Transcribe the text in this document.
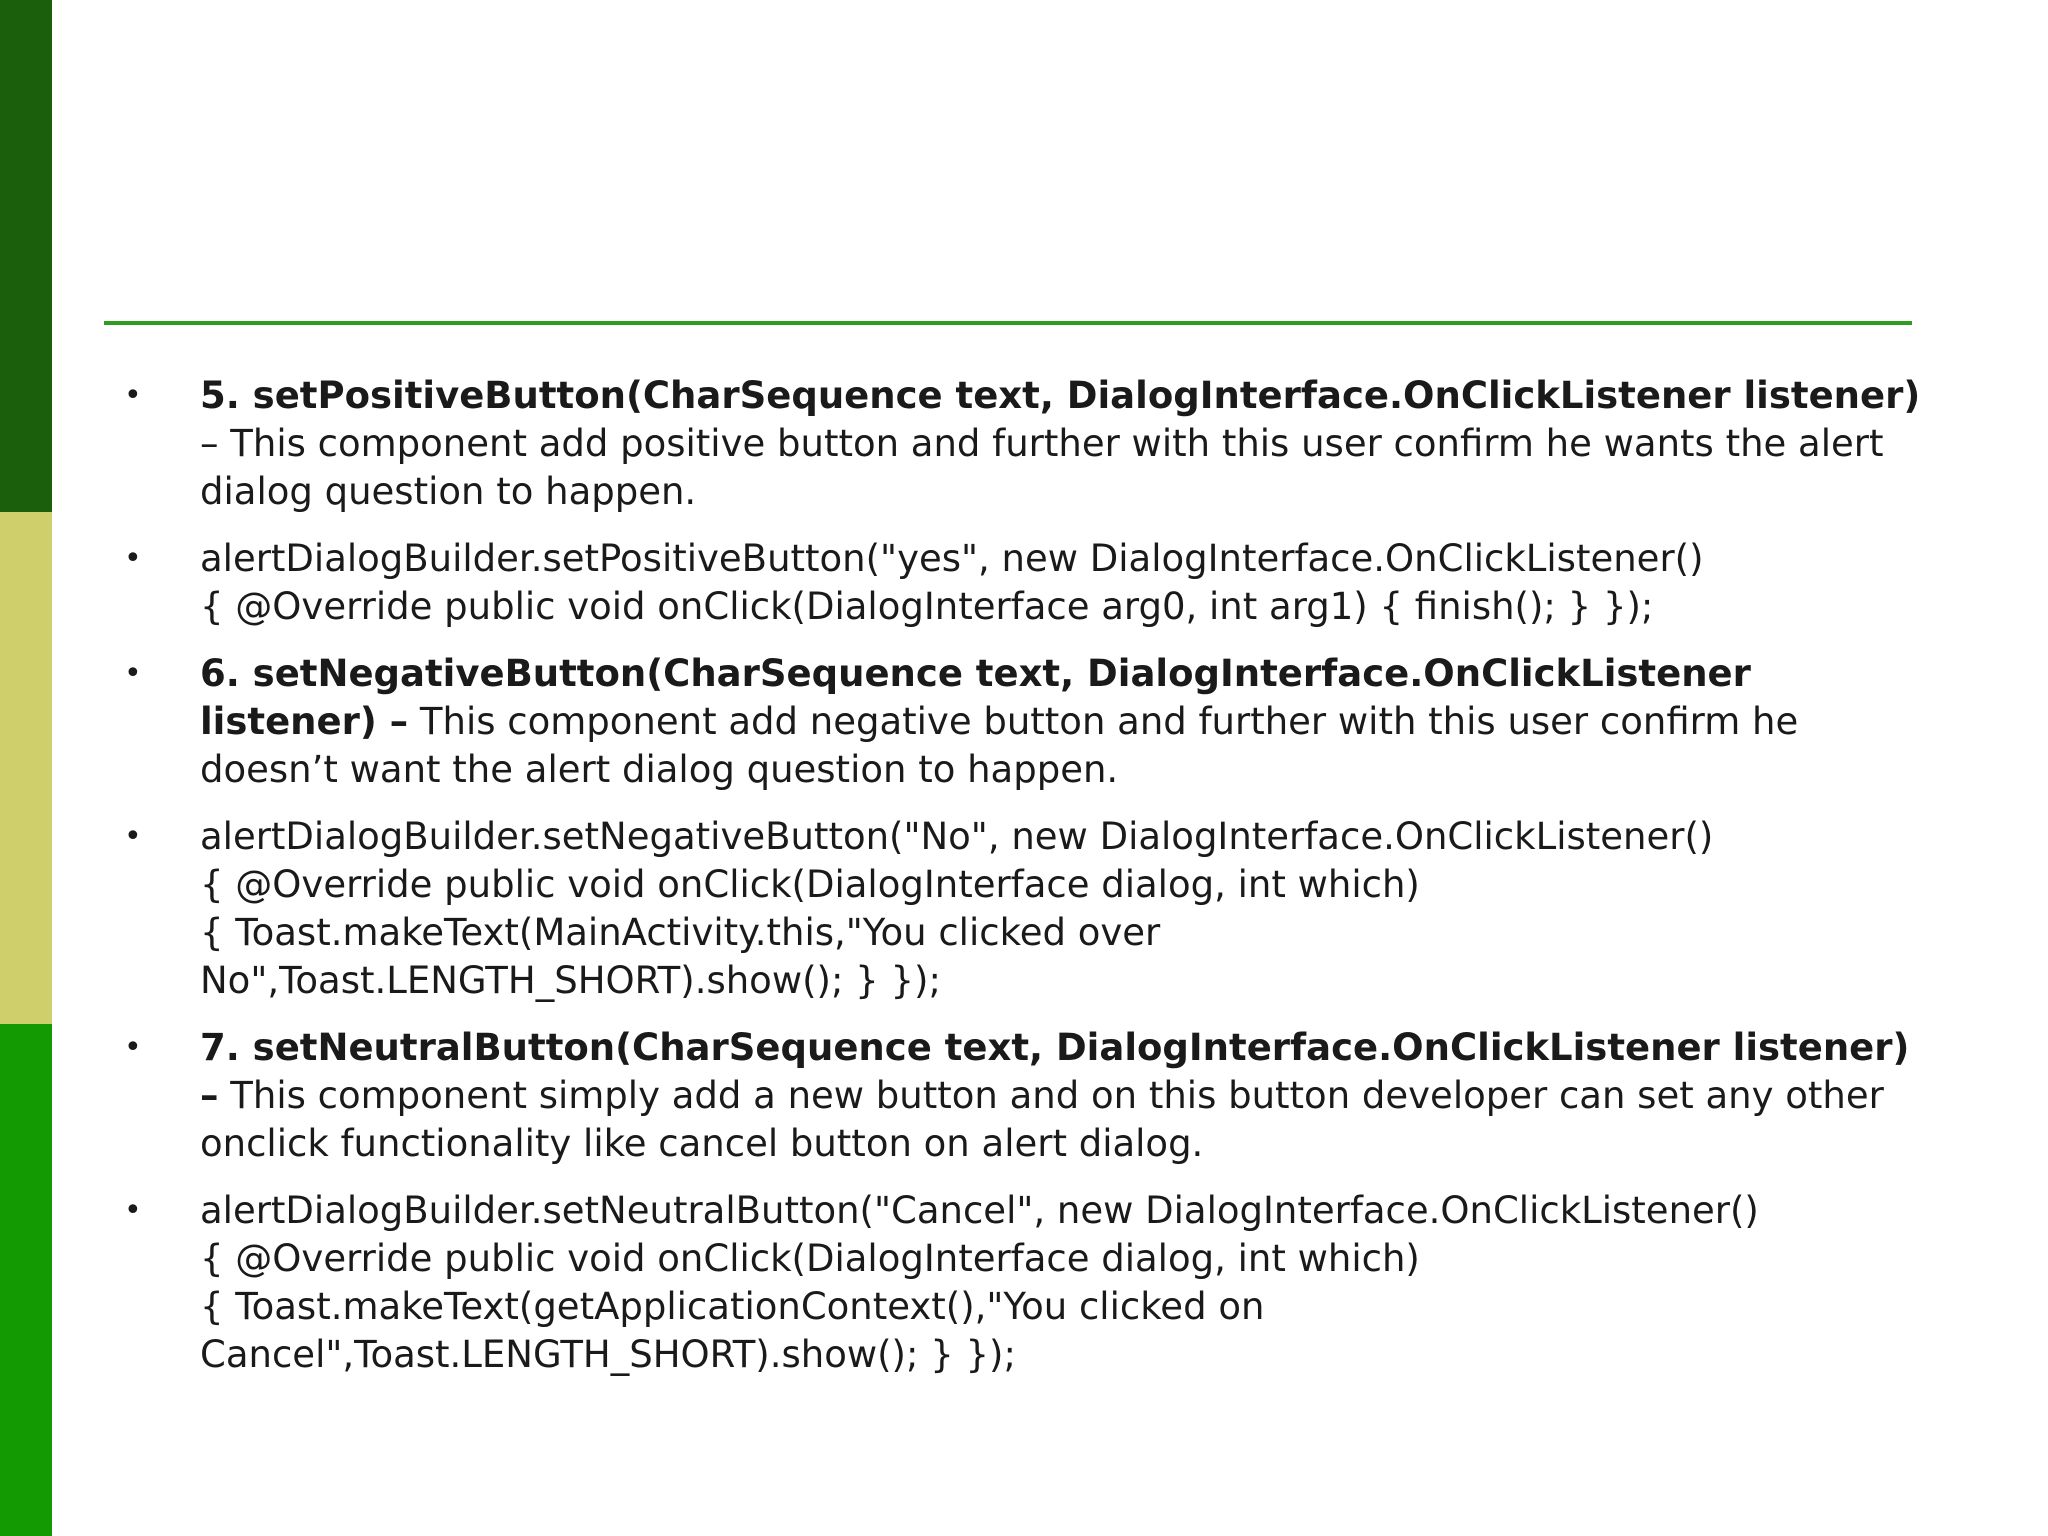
• 5. setPositiveButton(CharSequence text, DialogInterface.OnClickListener listener) – This component add positive button and further with this user confirm he wants the alert dialog question to happen.

• alertDialogBuilder.setPositiveButton("yes", new DialogInterface.OnClickListener()

{ @Override public void onClick(DialogInterface arg0, int arg1) { finish(); } });

• 6. setNegativeButton(CharSequence text, DialogInterface.OnClickListener listener) – This component add negative button and further with this user confirm he doesn’t want the alert dialog question to happen.

• alertDialogBuilder.setNegativeButton("No", new DialogInterface.OnClickListener()

{ @Override public void onClick(DialogInterface dialog, int which)

{ Toast.makeText(MainActivity.this,"You clicked over

No",Toast.LENGTH_SHORT).show(); } });

• 7. setNeutralButton(CharSequence text, DialogInterface.OnClickListener listener) – This component simply add a new button and on this button developer can set any other onclick functionality like cancel button on alert dialog.

• alertDialogBuilder.setNeutralButton("Cancel", new DialogInterface.OnClickListener()

{ @Override public void onClick(DialogInterface dialog, int which)

{ Toast.makeText(getApplicationContext(),"You clicked on

Cancel",Toast.LENGTH_SHORT).show(); } });
